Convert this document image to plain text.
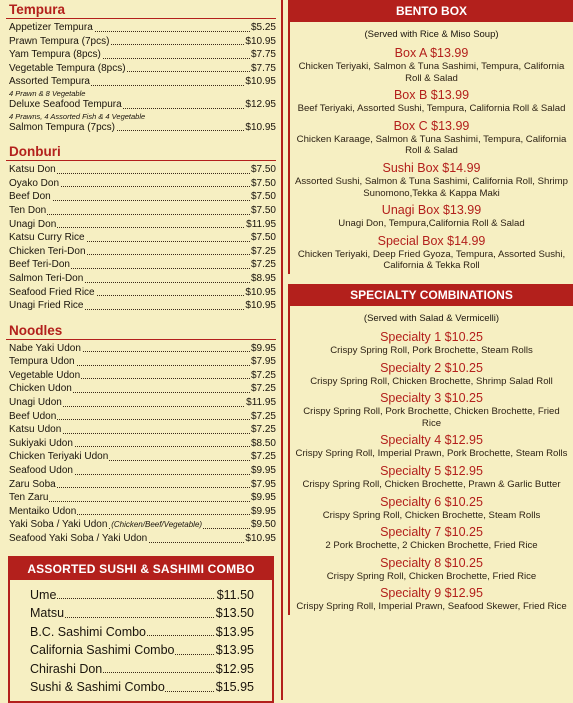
Tempura
Appetizer Tempura	$5.25
Prawn Tempura (7pcs)	$10.95
Yam Tempura (8pcs)	$7.75
Vegetable Tempura (8pcs)	$7.75
Assorted Tempura	$10.95
4 Prawn & 8 Vegetable
Deluxe Seafood Tempura	$12.95
4 Prawns, 4 Assorted Fish & 4 Vegetable
Salmon Tempura (7pcs)	$10.95
Donburi
Katsu Don	$7.50
Oyako Don	$7.50
Beef Don	$7.50
Ten Don	$7.50
Unagi Don	$11.95
Katsu Curry Rice	$7.50
Chicken Teri-Don	$7.25
Beef Teri-Don	$7.25
Salmon Teri-Don	$8.95
Seafood Fried Rice	$10.95
Unagi Fried Rice	$10.95
Noodles
Nabe Yaki Udon	$9.95
Tempura Udon	$7.95
Vegetable Udon	$7.25
Chicken Udon	$7.25
Unagi Udon	$11.95
Beef Udon	$7.25
Katsu Udon	$7.25
Sukiyaki Udon	$8.50
Chicken Teriyaki Udon	$7.25
Seafood Udon	$9.95
Zaru Soba	$7.95
Ten Zaru	$9.95
Mentaiko Udon	$9.95
Yaki Soba / Yaki Udon (Chicken/Beef/Vegetable)	$9.50
Seafood Yaki Soba / Yaki Udon	$10.95
ASSORTED SUSHI & SASHIMI COMBO
Ume	$11.50
Matsu	$13.50
B.C. Sashimi Combo	$13.95
California Sashimi Combo	$13.95
Chirashi Don	$12.95
Sushi & Sashimi Combo	$15.95
BENTO BOX
(Served with Rice & Miso Soup)
Box A $13.99
Chicken Teriyaki, Salmon & Tuna Sashimi, Tempura, California Roll & Salad
Box B $13.99
Beef Teriyaki, Assorted Sushi, Tempura, California Roll & Salad
Box C $13.99
Chicken Karaage, Salmon & Tuna Sashimi, Tempura, California Roll & Salad
Sushi Box $14.99
Assorted Sushi, Salmon & Tuna Sashimi, California Roll, Shrimp Sunomono,Tekka & Kappa Maki
Unagi Box $13.99
Unagi Don, Tempura,California Roll & Salad
Special Box $14.99
Chicken Teriyaki, Deep Fried Gyoza, Tempura, Assorted Sushi, California & Tekka Roll
SPECIALTY COMBINATIONS
(Served with Salad & Vermicelli)
Specialty 1 $10.25
Crispy Spring Roll, Pork Brochette, Steam Rolls
Specialty 2 $10.25
Crispy Spring Roll, Chicken Brochette, Shrimp Salad Roll
Specialty 3 $10.25
Crispy Spring Roll, Pork Brochette, Chicken Brochette, Fried Rice
Specialty 4 $12.95
Crispy Spring Roll, Imperial Prawn, Pork Brochette, Steam Rolls
Specialty 5 $12.95
Crispy Spring Roll, Chicken Brochette, Prawn & Garlic Butter
Specialty 6 $10.25
Crispy Spring Roll, Chicken Brochette, Steam Rolls
Specialty 7 $10.25
2 Pork Brochette, 2 Chicken Brochette, Fried Rice
Specialty 8 $10.25
Crispy Spring Roll, Chicken Brochette, Fried Rice
Specialty 9 $12.95
Crispy Spring Roll, Imperial Prawn, Seafood Skewer, Fried Rice
